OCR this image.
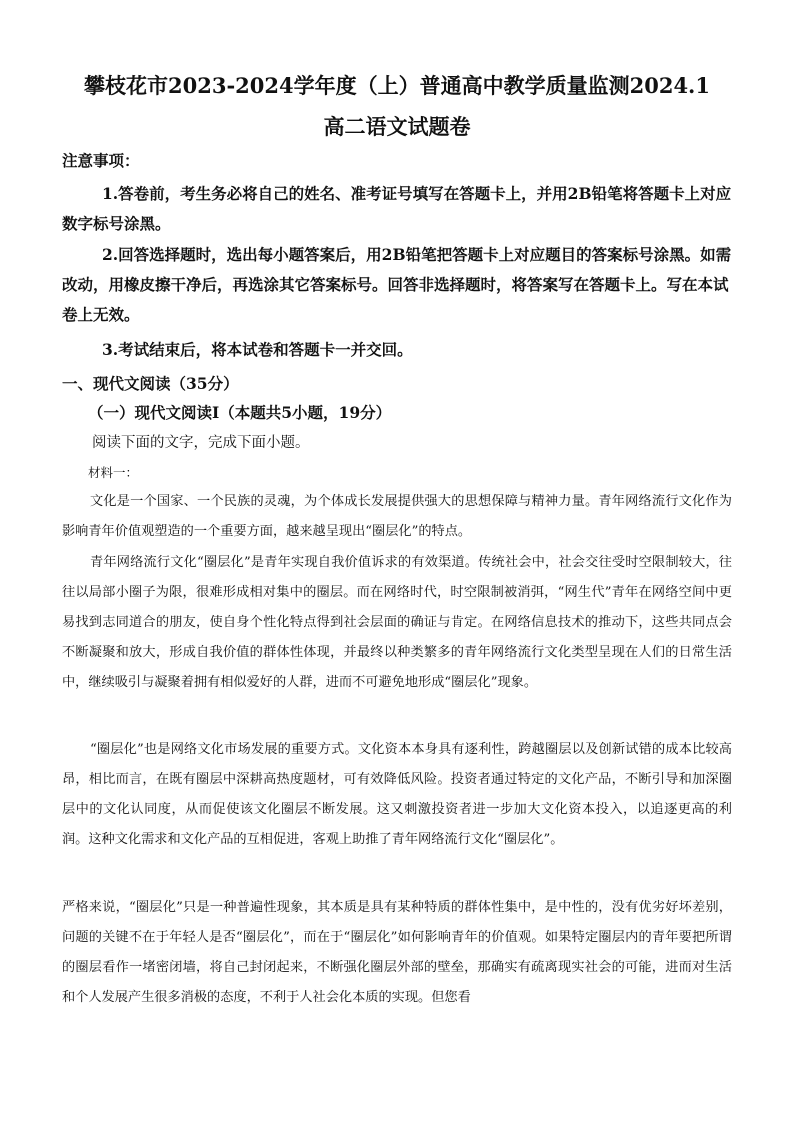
攀枝花市2023-2024学年度（上）普通高中教学质量监测2024.1
高二语文试题卷

注意事项：

1.答卷前，考生务必将自己的姓名、准考证号填写在答题卡上，并用2B铅笔将答题卡上对应数字标号涂黑。

2.回答选择题时，选出每小题答案后，用2B铅笔把答题卡上对应题目的答案标号涂黑。如需改动，用橡皮擦干净后，再选涂其它答案标号。回答非选择题时，将答案写在答题卡上。写在本试卷上无效。

3.考试结束后，将本试卷和答题卡一并交回。

一、现代文阅读（35分）

（一）现代文阅读Ⅰ（本题共5小题，19分）

阅读下面的文字，完成下面小题。

材料一：

文化是一个国家、一个民族的灵魂，为个体成长发展提供强大的思想保障与精神力量。青年网络流行文化作为影响青年价值观塑造的一个重要方面，越来越呈现出“圈层化”的特点。

青年网络流行文化“圈层化”是青年实现自我价值诉求的有效渠道。传统社会中，社会交往受时空限制较大，往往以局部小圈子为限，很难形成相对集中的圈层。而在网络时代，时空限制被消弭，“网生代”青年在网络空间中更易找到志同道合的朋友，使自身个性化特点得到社会层面的确证与肯定。在网络信息技术的推动下，这些共同点会不断凝聚和放大，形成自我价值的群体性体现，并最终以种类繁多的青年网络流行文化类型呈现在人们的日常生活中，继续吸引与凝聚着拥有相似爱好的人群，进而不可避免地形成“圈层化”现象。

“圈层化”也是网络文化市场发展的重要方式。文化资本本身具有逐利性，跨越圈层以及创新试错的成本比较高昂，相比而言，在既有圈层中深耕高热度题材，可有效降低风险。投资者通过特定的文化产品，不断引导和加深圈层中的文化认同度，从而促使该文化圈层不断发展。这又刺激投资者进一步加大文化资本投入，以追逐更高的利润。这种文化需求和文化产品的互相促进，客观上助推了青年网络流行文化“圈层化”。

严格来说，“圈层化”只是一种普遍性现象，其本质是具有某种特质的群体性集中，是中性的，没有优劣好坏差别，问题的关键不在于年轻人是否“圈层化”，而在于“圈层化”如何影响青年的价值观。如果特定圈层内的青年要把所谓的圈层看作一堵密闭墙，将自己封闭起来，不断强化圈层外部的壁垒，那确实有疏离现实社会的可能，进而对生活和个人发展产生很多消极的态度，不利于人社会化本质的实现。但您看
